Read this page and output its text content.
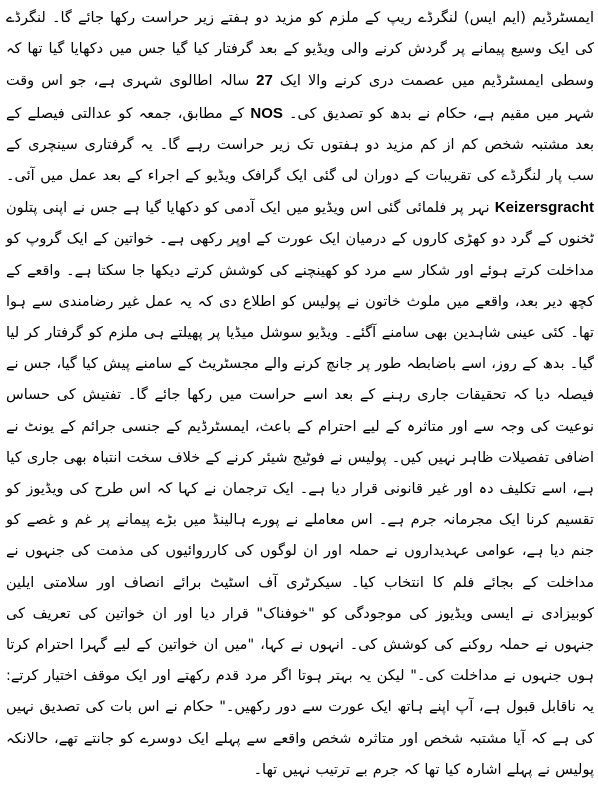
ایمسٹرڈیم (ایم ایس) لنگرڈے ریپ کے ملزم کو مزید دو ہفتے زیر حراست رکھا جائے گا۔ لنگرڈے کی ایک وسیع پیمانے پر گردش کرنے والی ویڈیو کے بعد گرفتار کیا گیا جس میں دکھایا گیا تھا کہ وسطی ایمسٹرڈیم میں عصمت دری کرنے والا ایک 27 سالہ اطالوی شہری ہے، جو اس وقت شہر میں مقیم ہے، حکام نے بدھ کو تصدیق کی۔ NOS کے مطابق، جمعہ کو عدالتی فیصلے کے بعد مشتبہ شخص کم از کم مزید دو ہفتوں تک زیر حراست رہے گا۔ یہ گرفتاری سینچری کے سب پار لنگرڈے کی تقریبات کے دوران لی گئی ایک گرافک ویڈیو کے اجراء کے بعد عمل میں آئی۔ Keizersgracht نہر پر فلمائی گئی اس ویڈیو میں ایک آدمی کو دکھایا گیا ہے جس نے اپنی پتلون ٹخنوں کے گرد دو کھڑی کاروں کے درمیان ایک عورت کے اوپر رکھی ہے۔ خواتین کے ایک گروپ کو مداخلت کرتے ہوئے اور شکار سے مرد کو کھینچنے کی کوشش کرتے دیکھا جا سکتا ہے۔ واقعے کے کچھ دیر بعد، واقعے میں ملوث خاتون نے پولیس کو اطلاع دی کہ یہ عمل غیر رضامندی سے ہوا تھا۔ کئی عینی شاہدین بھی سامنے آگئے۔ ویڈیو سوشل میڈیا پر پھیلتے ہی ملزم کو گرفتار کر لیا گیا۔ بدھ کے روز، اسے باضابطہ طور پر جانچ کرنے والے مجسٹریٹ کے سامنے پیش کیا گیا، جس نے فیصلہ دیا کہ تحقیقات جاری رہنے کے بعد اسے حراست میں رکھا جائے گا۔ تفتیش کی حساس نوعیت کی وجہ سے اور متاثرہ کے لیے احترام کے باعث، ایمسٹرڈیم کے جنسی جرائم کے یونٹ نے اضافی تفصیلات ظاہر نہیں کیں۔ پولیس نے فوٹیج شیئر کرنے کے خلاف سخت انتباہ بھی جاری کیا ہے، اسے تکلیف دہ اور غیر قانونی قرار دیا ہے۔ ایک ترجمان نے کہا کہ اس طرح کی ویڈیوز کو تقسیم کرنا ایک مجرمانہ جرم ہے۔ اس معاملے نے پورے ہالینڈ میں بڑے پیمانے پر غم و غصے کو جنم دیا ہے، عوامی عہدیداروں نے حملہ اور ان لوگوں کی کارروائیوں کی مذمت کی جنہوں نے مداخلت کے بجائے فلم کا انتخاب کیا۔ سیکرٹری آف اسٹیٹ برائے انصاف اور سلامتی ایلین کوبیزادی نے ایسی ویڈیوز کی موجودگی کو "خوفناک" قرار دیا اور ان خواتین کی تعریف کی جنہوں نے حملہ روکنے کی کوشش کی۔ انہوں نے کہا، "میں ان خواتین کے لیے گہرا احترام کرتا ہوں جنہوں نے مداخلت کی۔" لیکن یہ بہتر ہوتا اگر مرد قدم رکھتے اور ایک موقف اختیار کرتے: یہ ناقابل قبول ہے، آپ اپنے ہاتھ ایک عورت سے دور رکھیں۔" حکام نے اس بات کی تصدیق نہیں کی ہے کہ آیا مشتبہ شخص اور متاثرہ شخص واقعے سے پہلے ایک دوسرے کو جانتے تھے، حالانکہ پولیس نے پہلے اشارہ کیا تھا کہ جرم بے ترتیب نہیں تھا۔
